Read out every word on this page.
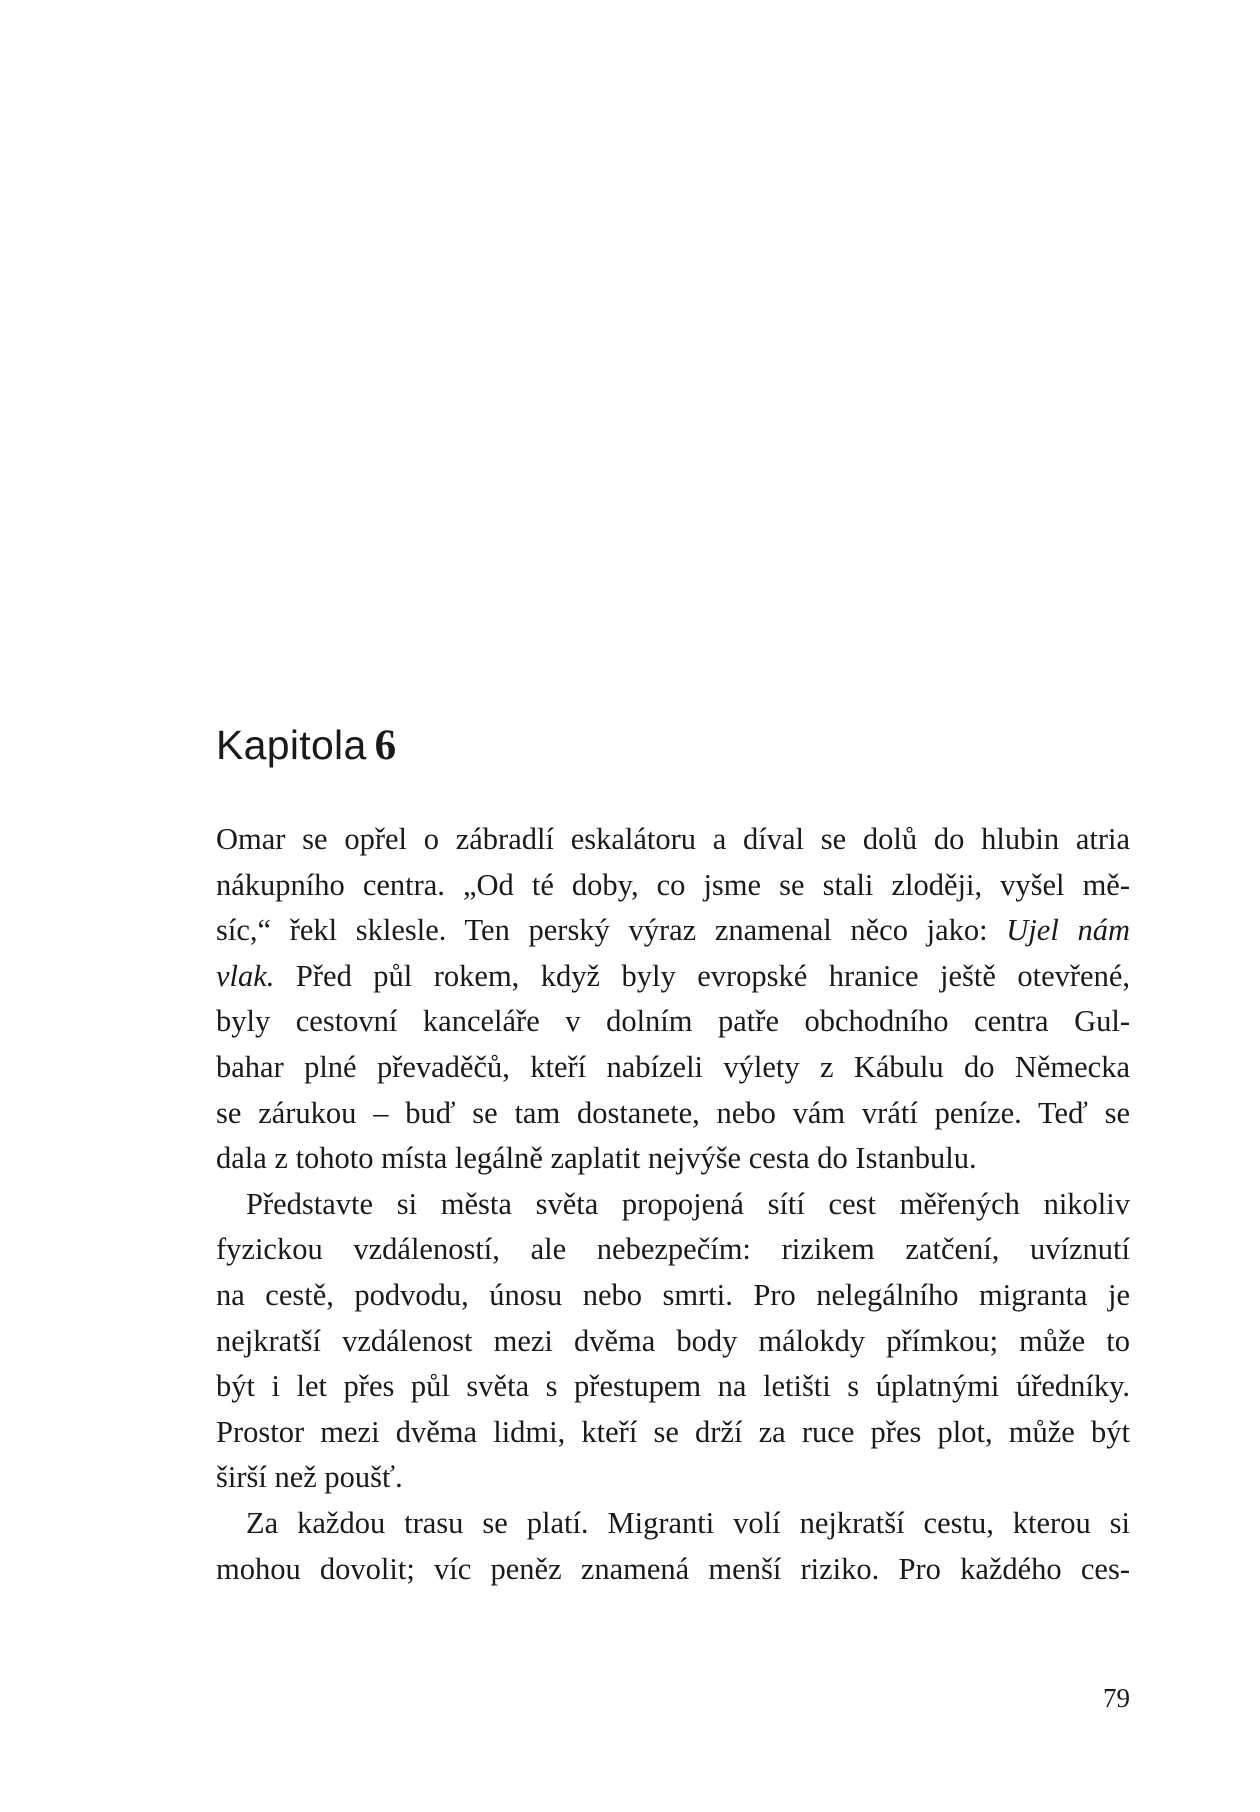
Kapitola 6
Omar se opřel o zábradlí eskalátoru a díval se dolů do hlubin atria
nákupního centra. „Od té doby, co jsme se stali zloději, vyšel mě-
síc,“ řekl sklesle. Ten perský výraz znamenal něco jako: Ujel nám
vlak. Před půl rokem, když byly evropské hranice ještě otevřené,
byly cestovní kanceláře v dolním patře obchodního centra Gul-
bahar plné převaděčů, kteří nabízeli výlety z Kábulu do Německa
se zárukou – buď se tam dostanete, nebo vám vrátí peníze. Teď se
dala z tohoto místa legálně zaplatit nejvýše cesta do Istanbulu.
Představte si města světa propojená sítí cest měřených nikoliv
fyzickou vzdáleností, ale nebezpečím: rizikem zatčení, uvíznutí
na cestě, podvodu, únosu nebo smrti. Pro nelegálního migranta je
nejkratší vzdálenost mezi dvěma body málokdy přímkou; může to
být i let přes půl světa s přestupem na letišti s úplatnými úředníky.
Prostor mezi dvěma lidmi, kteří se drží za ruce přes plot, může být
širší než poušť.
Za každou trasu se platí. Migranti volí nejkratší cestu, kterou si
mohou dovolit; víc peněz znamená menší riziko. Pro každého ces-
79
